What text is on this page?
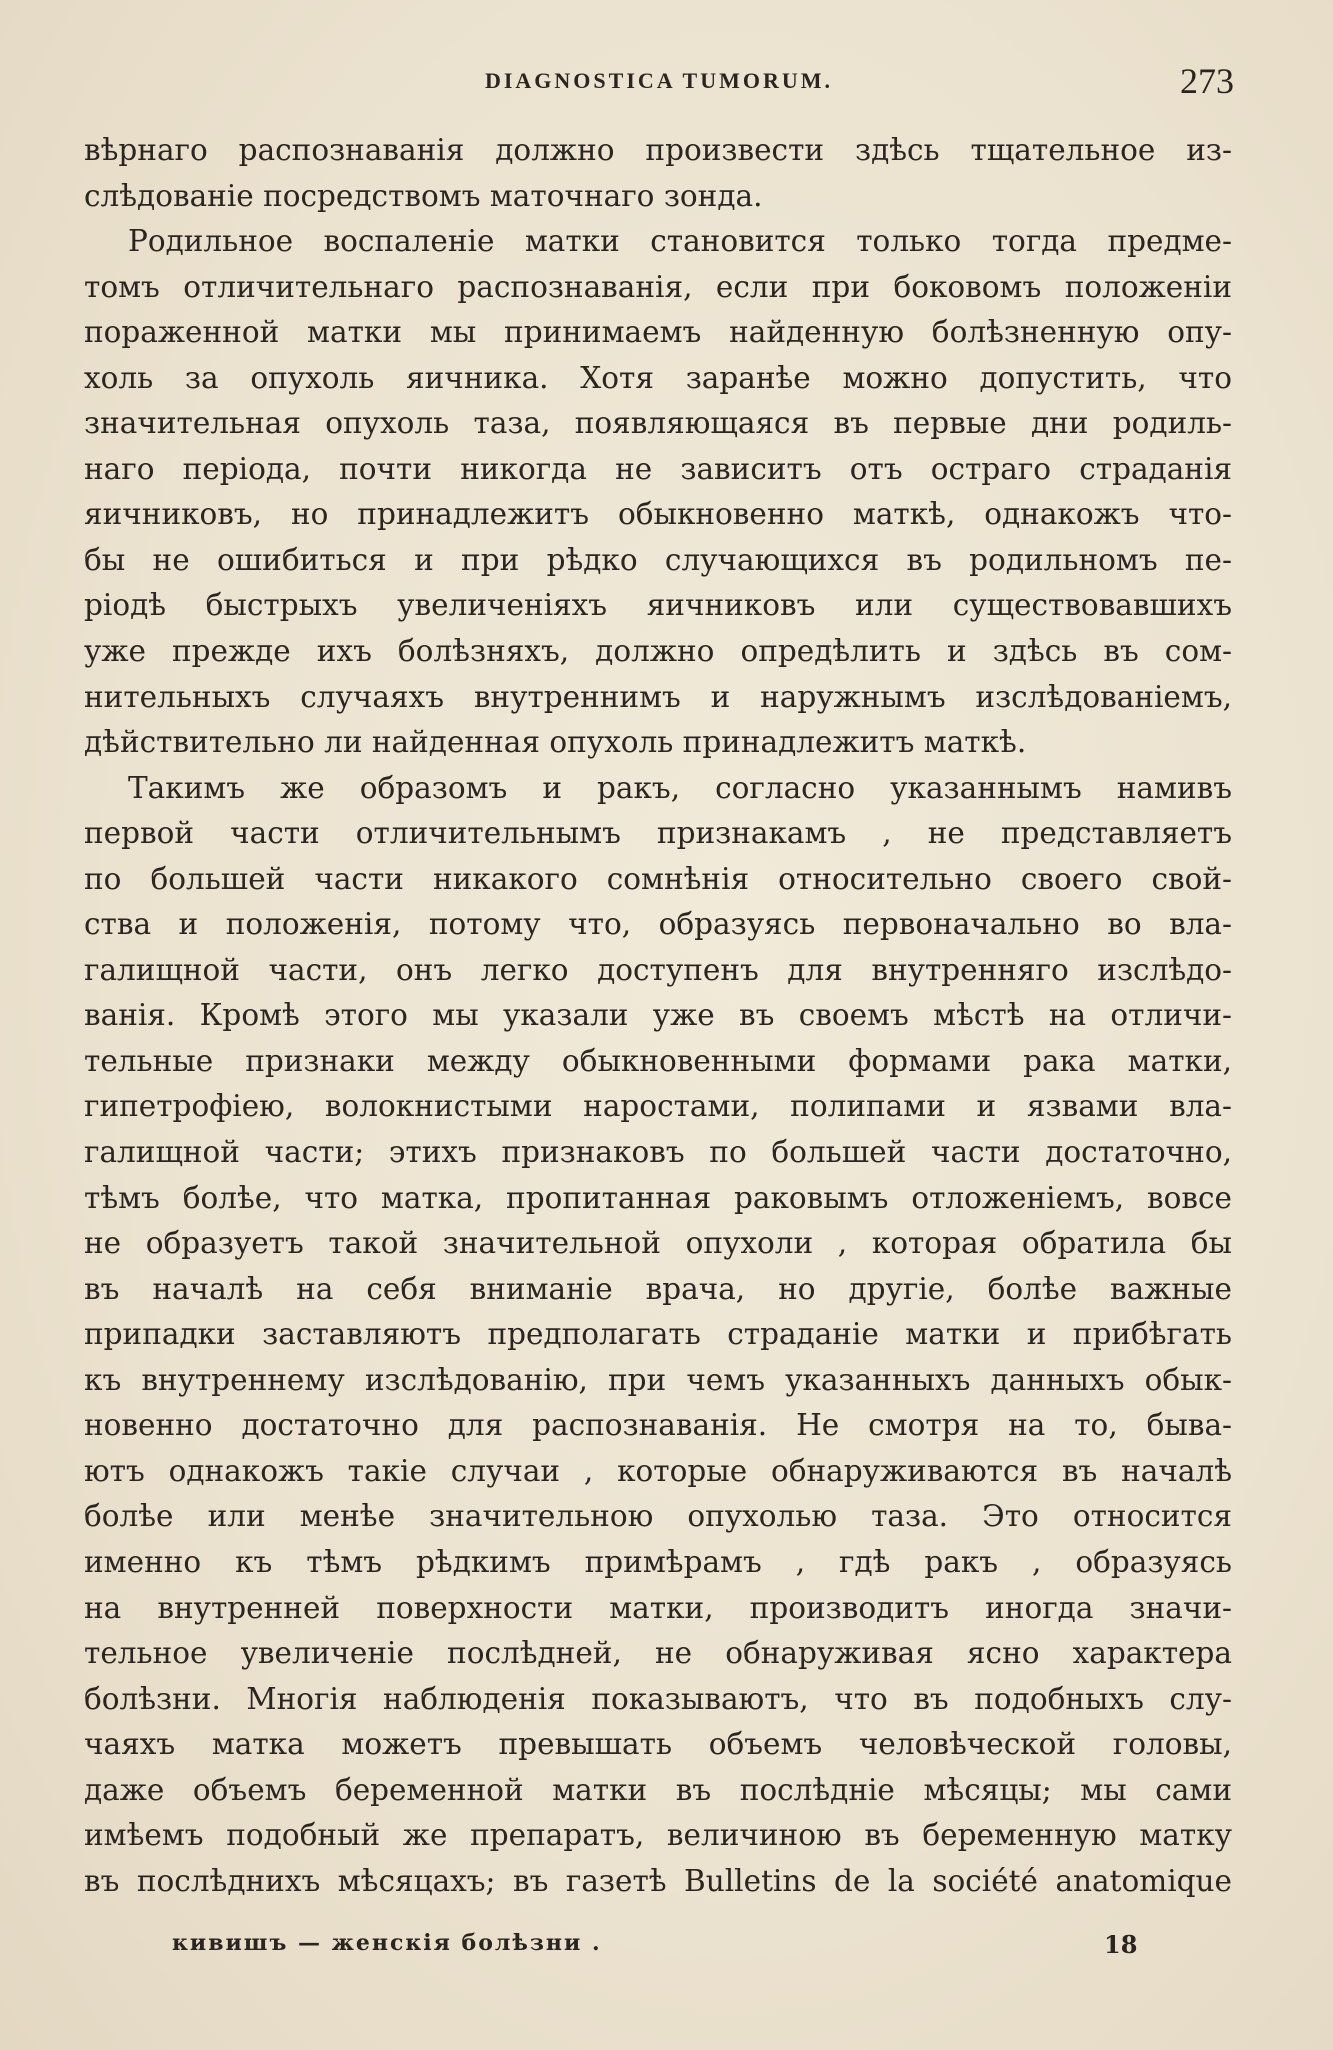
DIAGNOSTICA TUMORUM.	273
вѣрнаго распознаванія должно произвести здѣсь тщательное из-
слѣдованіе посредствомъ маточнаго зонда.
Родильное воспаленіе матки становится только тогда предме-
томъ отличительнаго распознаванія, если при боковомъ положеніи
пораженной матки мы принимаемъ найденную болѣзненную опу-
холь за опухоль яичника. Хотя заранѣе можно допустить, что
значительная опухоль таза, появляющаяся въ первые дни родиль-
наго періода, почти никогда не зависитъ отъ остраго страданія
яичниковъ, но принадлежитъ обыкновенно маткѣ, однакожъ что-
бы не ошибиться и при рѣдко случающихся въ родильномъ пе-
ріодѣ быстрыхъ увеличеніяхъ яичниковъ или существовавшихъ
уже прежде ихъ болѣзняхъ, должно опредѣлить и здѣсь въ сом-
нительныхъ случаяхъ внутреннимъ и наружнымъ изслѣдованіемъ,
дѣйствительно ли найденная опухоль принадлежитъ маткѣ.
Такимъ же образомъ и ракъ, согласно указаннымъ намивъ
первой части отличительнымъ признакамъ , не представляетъ
по большей части никакого сомнѣнія относительно своего свой-
ства и положенія, потому что, образуясь первоначально во вла-
галищной части, онъ легко доступенъ для внутренняго изслѣдо-
ванія. Кромѣ этого мы указали уже въ своемъ мѣстѣ на отличи-
тельные признаки между обыкновенными формами рака матки,
гипетрофіею, волокнистыми наростами, полипами и язвами вла-
галищной части; этихъ признаковъ по большей части достаточно,
тѣмъ болѣе, что матка, пропитанная раковымъ отложеніемъ, вовсе
не образуетъ такой значительной опухоли , которая обратила бы
въ началѣ на себя вниманіе врача, но другіе, болѣе важные
припадки заставляютъ предполагать страданіе матки и прибѣгать
къ внутреннему изслѣдованію, при чемъ указанныхъ данныхъ обык-
новенно достаточно для распознаванія. Не смотря на то, быва-
ютъ однакожъ такіе случаи , которые обнаруживаются въ началѣ
болѣе или менѣе значительною опухолью таза. Это относится
именно къ тѣмъ рѣдкимъ примѣрамъ , гдѣ ракъ , образуясь
на внутренней поверхности матки, производитъ иногда значи-
тельное увеличеніе послѣдней, не обнаруживая ясно характера
болѣзни. Многія наблюденія показываютъ, что въ подобныхъ слу-
чаяхъ матка можетъ превышать объемъ человѣческой головы,
даже объемъ беременной матки въ послѣдніе мѣсяцы; мы сами
имѣемъ подобный же препаратъ, величиною въ беременную матку
въ послѣднихъ мѣсяцахъ; въ газетѣ Bulletins de la société anatomique
кивишъ — женскія болѣзни .	18
